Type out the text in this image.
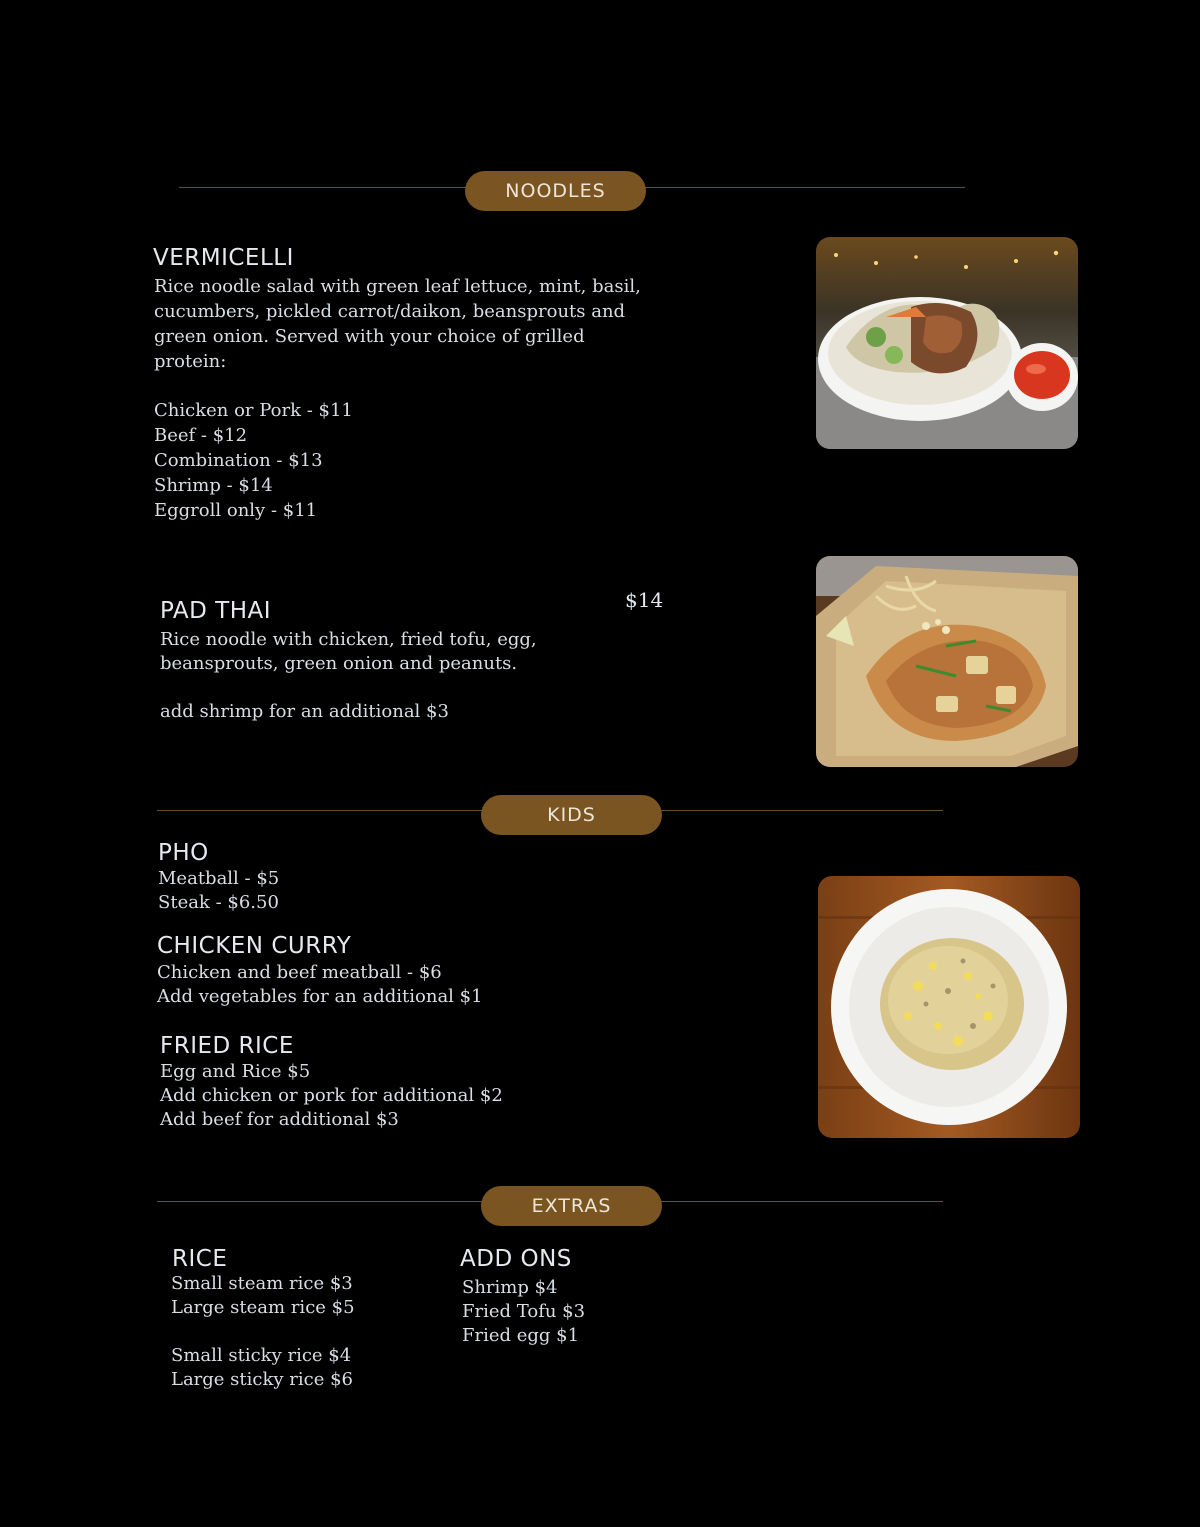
NOODLES
VERMICELLI
Rice noodle salad with green leaf lettuce, mint, basil,
cucumbers, pickled carrot/daikon, beansprouts and
green onion. Served with your choice of grilled
protein:
Chicken or Pork - $11
Beef - $12
Combination - $13
Shrimp - $14
Eggroll only - $11
PAD THAI	$14
Rice noodle with chicken, fried tofu, egg,
beansprouts, green onion and peanuts.
add shrimp for an additional $3
KIDS
PHO
Meatball - $5
Steak - $6.50
CHICKEN CURRY
Chicken and beef meatball - $6
Add vegetables for an additional $1
FRIED RICE
Egg and Rice $5
Add chicken or pork for additional $2
Add beef for additional $3
EXTRAS
RICE
Small steam rice $3
Large steam rice $5
Small sticky rice $4
Large sticky rice $6
ADD ONS
Shrimp $4
Fried Tofu $3
Fried egg $1
